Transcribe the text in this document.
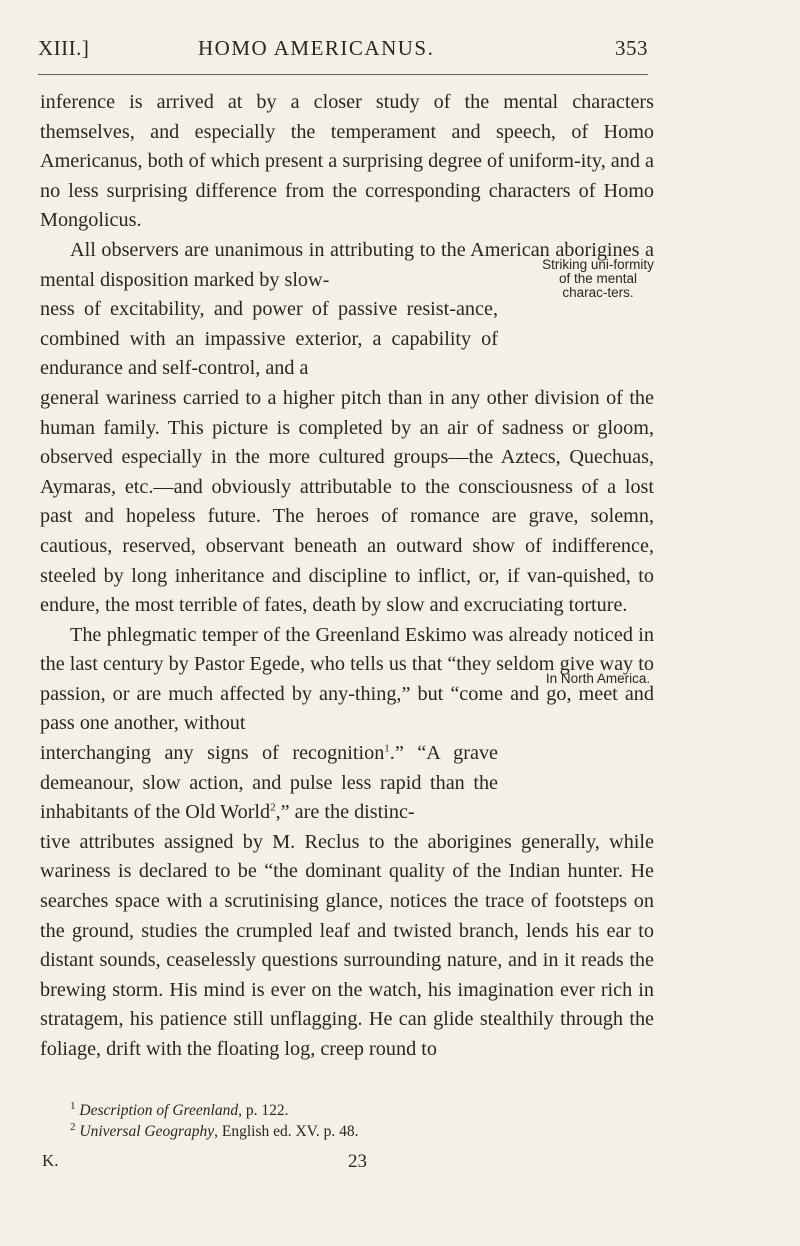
XIII.]	HOMO AMERICANUS.	353

inference is arrived at by a closer study of the mental characters themselves, and especially the temperament and speech, of Homo Americanus, both of which present a surprising degree of uniform-ity, and a no less surprising difference from the corresponding characters of Homo Mongolicus.

All observers are unanimous in attributing to the American aborigines a mental disposition marked by slow-

ness of excitability, and power of passive resist-ance, combined with an impassive exterior, a capability of endurance and self-control, and a

general wariness carried to a higher pitch than in any other division of the human family. This picture is completed by an air of sadness or gloom, observed especially in the more cultured groups—the Aztecs, Quechuas, Aymaras, etc.—and obviously attributable to the consciousness of a lost past and hopeless future. The heroes of romance are grave, solemn, cautious, reserved, observant beneath an outward show of indifference, steeled by long inheritance and discipline to inflict, or, if van-quished, to endure, the most terrible of fates, death by slow and excruciating torture.

The phlegmatic temper of the Greenland Eskimo was already noticed in the last century by Pastor Egede, who tells us that “they seldom give way to passion, or are much affected by any-thing,” but “come and go, meet and pass one another, without

interchanging any signs of recognition$^1$.” “A grave demeanour, slow action, and pulse less rapid than the inhabitants of the Old World$^2$,” are the distinc-

tive attributes assigned by M. Reclus to the aborigines generally, while wariness is declared to be “the dominant quality of the Indian hunter. He searches space with a scrutinising glance, notices the trace of footsteps on the ground, studies the crumpled leaf and twisted branch, lends his ear to distant sounds, ceaselessly questions surrounding nature, and in it reads the brewing storm. His mind is ever on the watch, his imagination ever rich in stratagem, his patience still unflagging. He can glide stealthily through the foliage, drift with the floating log, creep round to

Striking uni-formity of the mental charac-ters.
In North America.
$^1$ Description of Greenland, p. 122.
$^2$ Universal Geography, English ed. XV. p. 48.
K.	23
